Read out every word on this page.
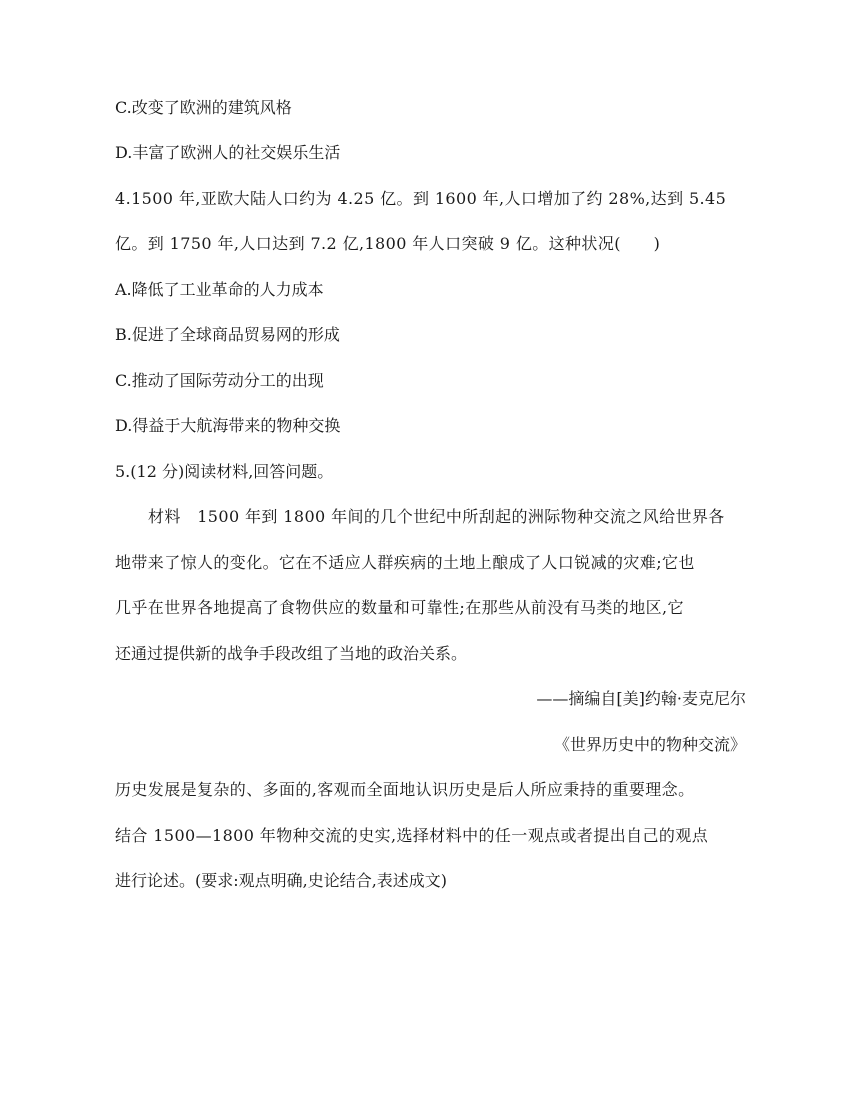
C.改变了欧洲的建筑风格
D.丰富了欧洲人的社交娱乐生活
4.1500 年,亚欧大陆人口约为 4.25 亿。到 1600 年,人口增加了约 28%,达到 5.45
亿。到 1750 年,人口达到 7.2 亿,1800 年人口突破 9 亿。这种状况(　　)
A.降低了工业革命的人力成本
B.促进了全球商品贸易网的形成
C.推动了国际劳动分工的出现
D.得益于大航海带来的物种交换
5.(12 分)阅读材料,回答问题。
材料　1500 年到 1800 年间的几个世纪中所刮起的洲际物种交流之风给世界各
地带来了惊人的变化。它在不适应人群疾病的土地上酿成了人口锐减的灾难;它也
几乎在世界各地提高了食物供应的数量和可靠性;在那些从前没有马类的地区,它
还通过提供新的战争手段改组了当地的政治关系。
——摘编自[美]约翰·麦克尼尔
《世界历史中的物种交流》
历史发展是复杂的、多面的,客观而全面地认识历史是后人所应秉持的重要理念。
结合 1500—1800 年物种交流的史实,选择材料中的任一观点或者提出自己的观点
进行论述。(要求:观点明确,史论结合,表述成文)
